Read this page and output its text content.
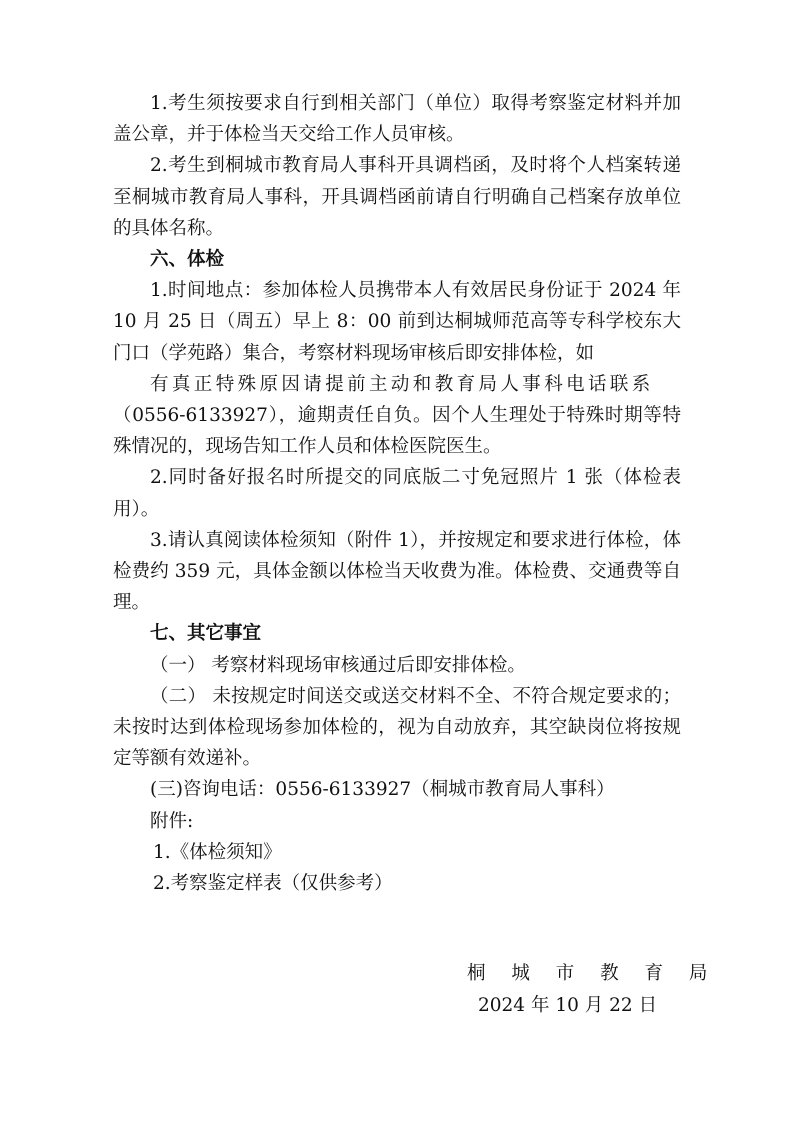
1.考生须按要求自行到相关部门（单位）取得考察鉴定材料并加盖公章，并于体检当天交给工作人员审核。

2.考生到桐城市教育局人事科开具调档函，及时将个人档案转递至桐城市教育局人事科，开具调档函前请自行明确自己档案存放单位的具体名称。

六、体检

1.时间地点：参加体检人员携带本人有效居民身份证于 2024 年 10 月 25 日（周五）早上 8：00 前到达桐城师范高等专科学校东大门口（学苑路）集合，考察材料现场审核后即安排体检，如
有真正特殊原因请提前主动和教育局人事科电话联系
（0556-6133927），逾期责任自负。因个人生理处于特殊时期等特殊情况的，现场告知工作人员和体检医院医生。

2.同时备好报名时所提交的同底版二寸免冠照片 1 张（体检表用）。

3.请认真阅读体检须知（附件 1），并按规定和要求进行体检，体检费约 359 元，具体金额以体检当天收费为准。体检费、交通费等自理。

七、其它事宜

（一） 考察材料现场审核通过后即安排体检。

（二） 未按规定时间送交或送交材料不全、不符合规定要求的；未按时达到体检现场参加体检的，视为自动放弃，其空缺岗位将按规定等额有效递补。

(三)咨询电话：0556-6133927（桐城市教育局人事科）

附件:

1.《体检须知》

2.考察鉴定样表（仅供参考）

桐 城 市 教 育 局
2024 年 10 月 22 日
